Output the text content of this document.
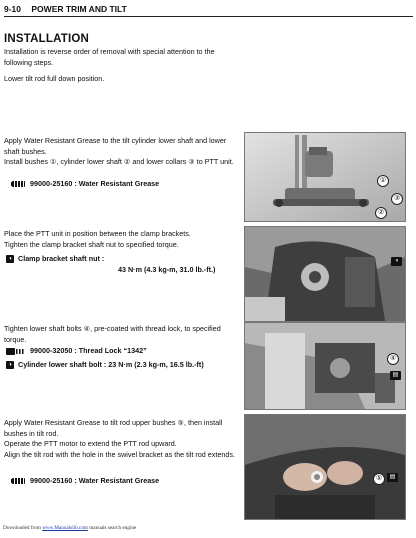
9-10 POWER TRIM AND TILT
INSTALLATION
Installation is reverse order of removal with special attention to the following steps.
Lower tilt rod full down position.
Apply Water Resistant Grease to the tilt cylinder lower shaft and lower shaft bushes.
Install bushes ①, cylinder lower shaft ② and lower collars ③ to PTT unit.
99000-25160 : Water Resistant Grease	①
③
②
Place the PTT unit in position between the clamp brackets.
Tighten the clamp bracket shaft nut to specified torque.
◑ Clamp bracket shaft nut :
43 N·m (4.3 kg-m, 31.0 lb.-ft.)
◑
Tighten lower shaft bolts ④, pre-coated with thread lock, to specified torque.
99000-32050 : Thread Lock “1342”
◑ Cylinder lower shaft bolt : 23 N·m (2.3 kg-m, 16.5 lb.-ft)
④
▤
Apply Water Resistant Grease to tilt rod upper bushes ⑤, then install bushes in tilt rod.
Operate the PTT motor to extend the PTT rod upward.
Align the tilt rod with the hole in the swivel bracket as the tilt rod extends.
99000-25160 : Water Resistant Grease	⑤	▤
Downloaded from www.Manualslib.com manuals search engine
